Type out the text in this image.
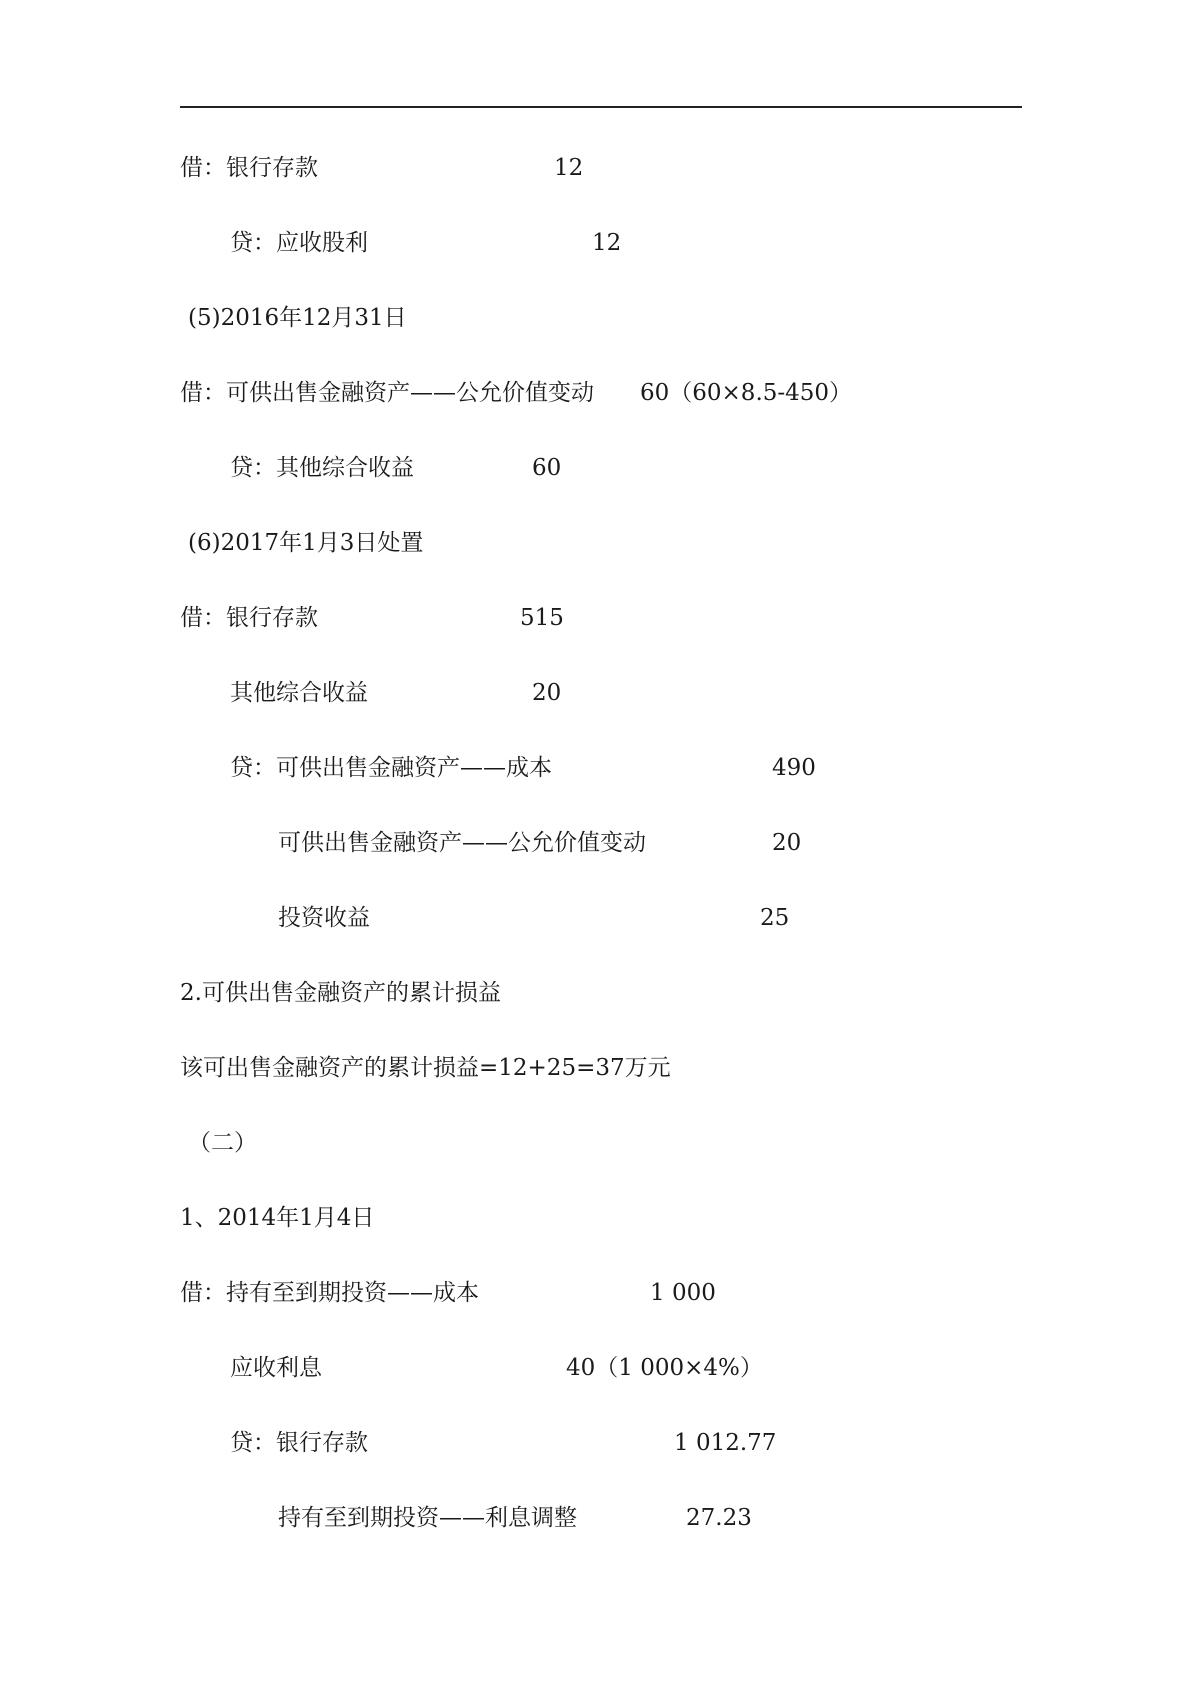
借：银行存款	12
贷：应收股利	12
(5)2016年12月31日
借：可供出售金融资产——公允价值变动 60（60×8.5-450）
贷：其他综合收益	60
(6)2017年1月3日处置
借：银行存款	515
其他综合收益	20
贷：可供出售金融资产——成本	490
可供出售金融资产——公允价值变动	20
投资收益	25
2.可供出售金融资产的累计损益
该可出售金融资产的累计损益=12+25=37万元
（二）
1、2014年1月4日
借：持有至到期投资——成本	1 000
应收利息	40（1 000×4%）
贷：银行存款	1 012.77
持有至到期投资——利息调整	27.23
